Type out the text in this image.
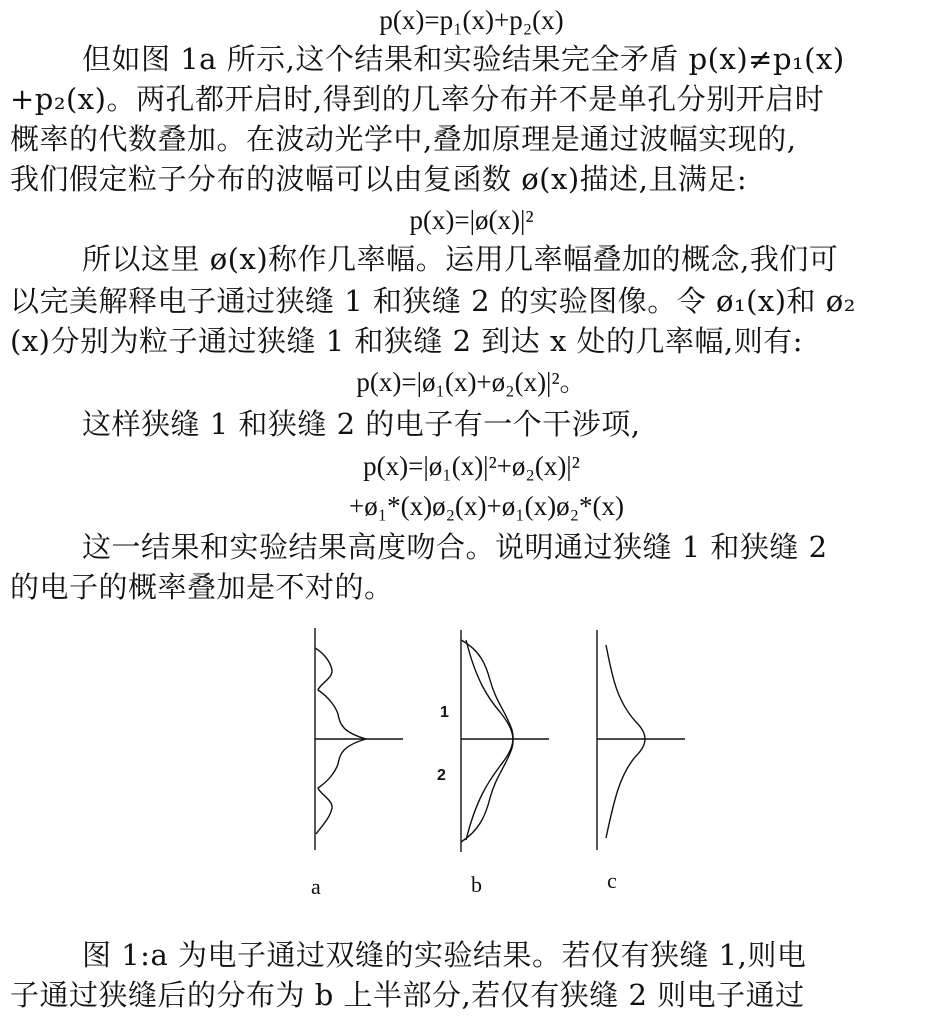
p(x)=p₁(x)+p₂(x)
但如图 1a 所示,这个结果和实验结果完全矛盾 p(x)≠p₁(x)
+p₂(x)。两孔都开启时,得到的几率分布并不是单孔分别开启时
概率的代数叠加。在波动光学中,叠加原理是通过波幅实现的,
我们假定粒子分布的波幅可以由复函数 ø(x)描述,且满足:
p(x)=|ø(x)|²
所以这里 ø(x)称作几率幅。运用几率幅叠加的概念,我们可
以完美解释电子通过狭缝 1 和狭缝 2 的实验图像。令 ø₁(x)和 ø₂
(x)分别为粒子通过狭缝 1 和狭缝 2 到达 x 处的几率幅,则有:
p(x)=|ø₁(x)+ø₂(x)|²。
这样狭缝 1 和狭缝 2 的电子有一个干涉项,
p(x)=|ø₁(x)|²+ø₂(x)|²
+ø₁*(x)ø₂(x)+ø₁(x)ø₂*(x)
这一结果和实验结果高度吻合。说明通过狭缝 1 和狭缝 2
的电子的概率叠加是不对的。
1
2
a	b	c
图 1:a 为电子通过双缝的实验结果。若仅有狭缝 1,则电
子通过狭缝后的分布为 b 上半部分,若仅有狭缝 2 则电子通过
